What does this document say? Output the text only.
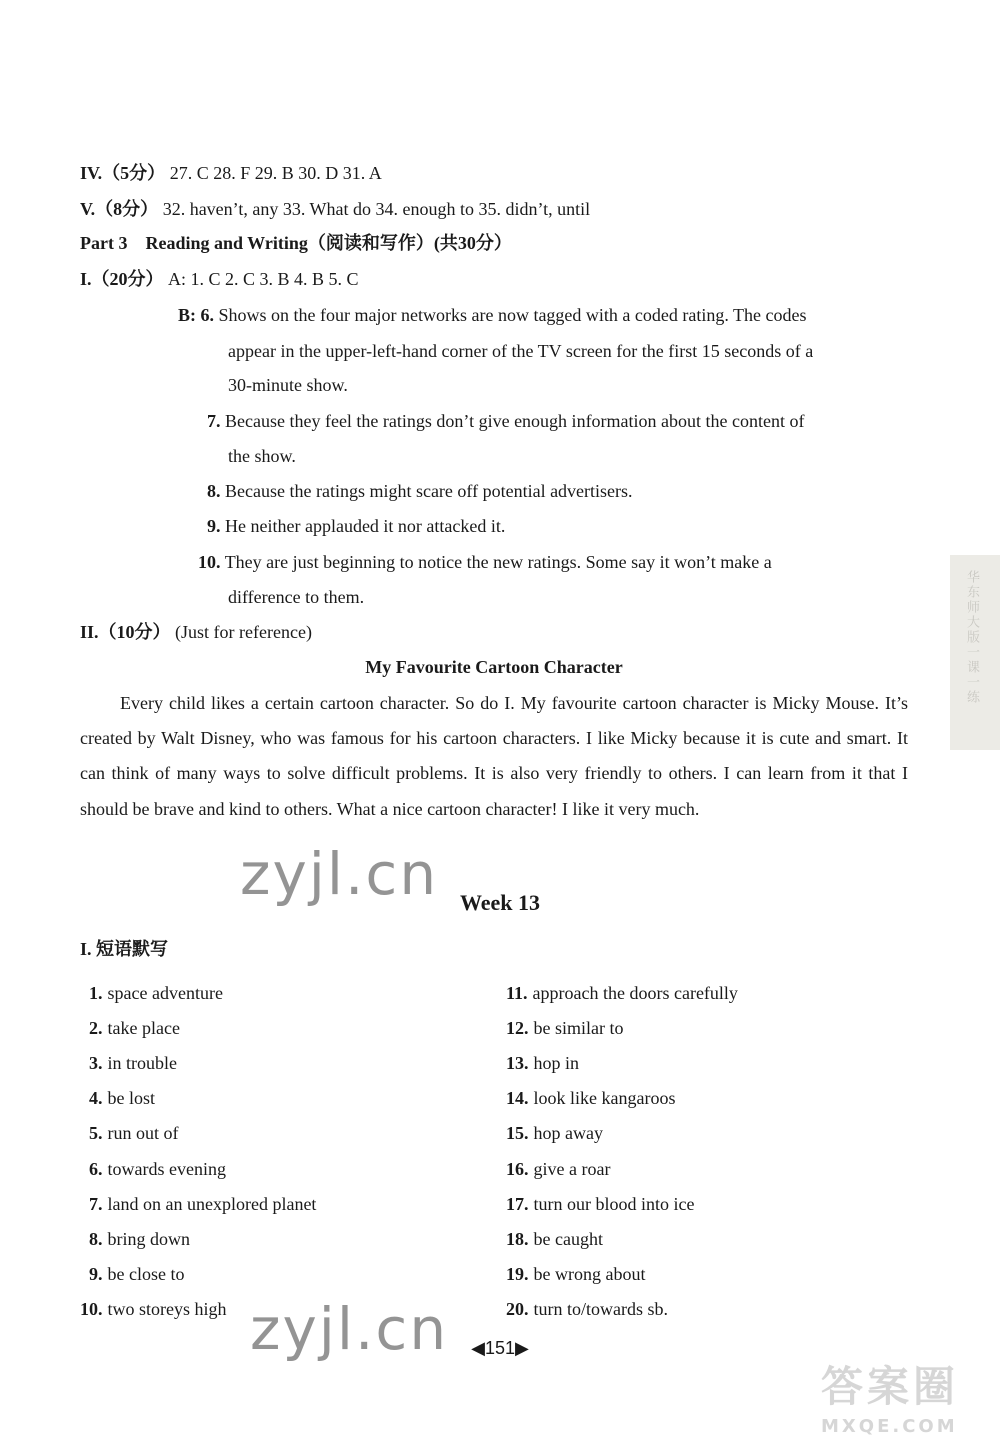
IV.（5分） 27. C 28. F 29. B 30. D 31. A
V.（8分） 32. haven’t, any 33. What do 34. enough to 35. didn’t, until
Part 3　Reading and Writing（阅读和写作）(共30分）
I.（20分） A: 1. C 2. C 3. B 4. B 5. C
B: 6. Shows on the four major networks are now tagged with a coded rating. The codes
appear in the upper-left-hand corner of the TV screen for the first 15 seconds of a
30-minute show.
7. Because they feel the ratings don’t give enough information about the content of
the show.
8. Because the ratings might scare off potential advertisers.
9. He neither applauded it nor attacked it.
10. They are just beginning to notice the new ratings. Some say it won’t make a
difference to them.
II.（10分） (Just for reference)
My Favourite Cartoon Character

Every child likes a certain cartoon character. So do I. My favourite cartoon character is Micky Mouse. It’s created by Walt Disney, who was famous for his cartoon characters. I like Micky because it is cute and smart. It can think of many ways to solve difficult problems. It is also very friendly to others. I can learn from it that I should be brave and kind to others. What a nice cartoon character! I like it very much.

Week 13
I. 短语默写
1. space adventure
2. take place
3. in trouble
4. be lost
5. run out of
6. towards evening
7. land on an unexplored planet
8. bring down
9. be close to
10. two storeys high
11. approach the doors carefully
12. be similar to
13. hop in
14. look like kangaroos
15. hop away
16. give a roar
17. turn our blood into ice
18. be caught
19. be wrong about
20. turn to/towards sb.
华东师大版一课一练
zyjl.cn
zyjl.cn	◀151▶
答案圈
MXQE.COM
